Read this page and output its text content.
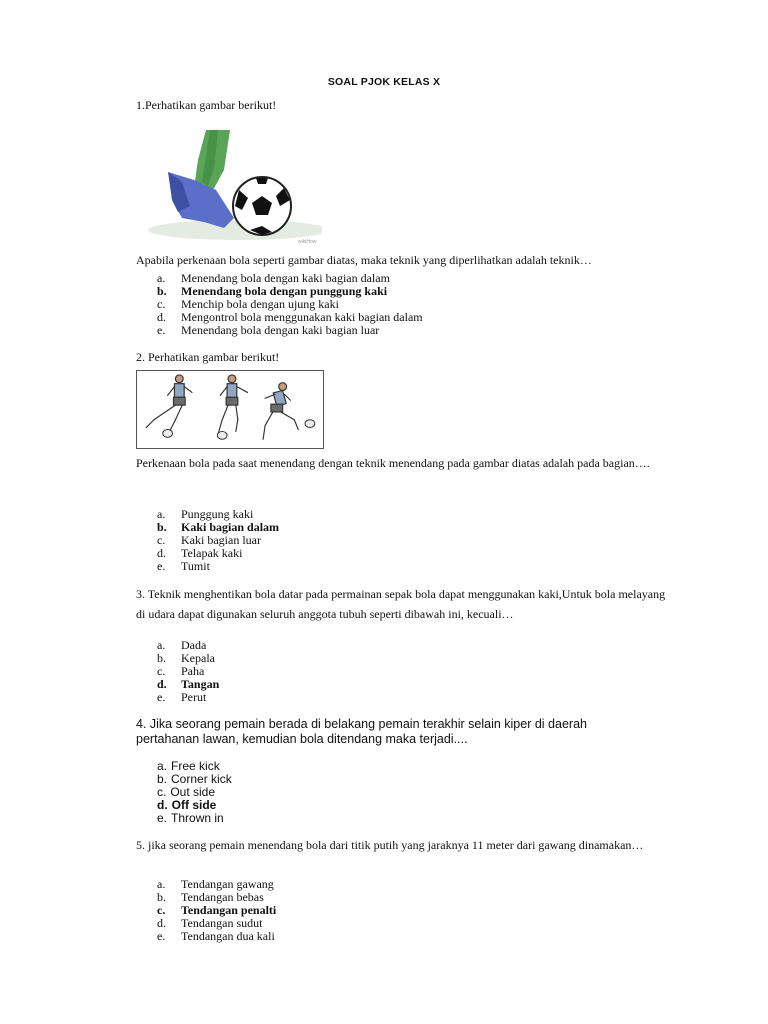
SOAL PJOK KELAS X
1.Perhatikan gambar berikut!
wikiHow
Apabila perkenaan bola seperti gambar diatas, maka teknik yang diperlihatkan adalah teknik…
a.	Menendang bola dengan kaki bagian dalam
b.	Menendang bola dengan punggung kaki
c.	Menchip bola dengan ujung kaki
d.	Mengontrol bola menggunakan kaki bagian dalam
e.	Menendang bola dengan kaki bagian luar
2. Perhatikan gambar berikut!
Perkenaan bola pada saat menendang dengan teknik menendang pada gambar diatas adalah pada bagian….
a.	Punggung kaki
b.	Kaki bagian dalam
c.	Kaki bagian luar
d.	Telapak kaki
e.	Tumit
3. Teknik menghentikan bola datar pada permainan sepak bola dapat menggunakan kaki,Untuk bola melayang di udara dapat digunakan seluruh anggota tubuh seperti dibawah ini, kecuali…
a.	Dada
b.	Kepala
c.	Paha
d.	Tangan
e.	Perut
4. Jika seorang pemain berada di belakang pemain terakhir selain kiper di daerah pertahanan lawan, kemudian bola ditendang maka terjadi....
a. Free kick
b. Corner kick
c. Out side
d. Off side
e. Thrown in
5. jika seorang pemain menendang bola dari titik putih yang jaraknya 11 meter dari gawang dinamakan…
a.	Tendangan gawang
b.	Tendangan bebas
c.	Tendangan penalti
d.	Tendangan sudut
e.	Tendangan dua kali
